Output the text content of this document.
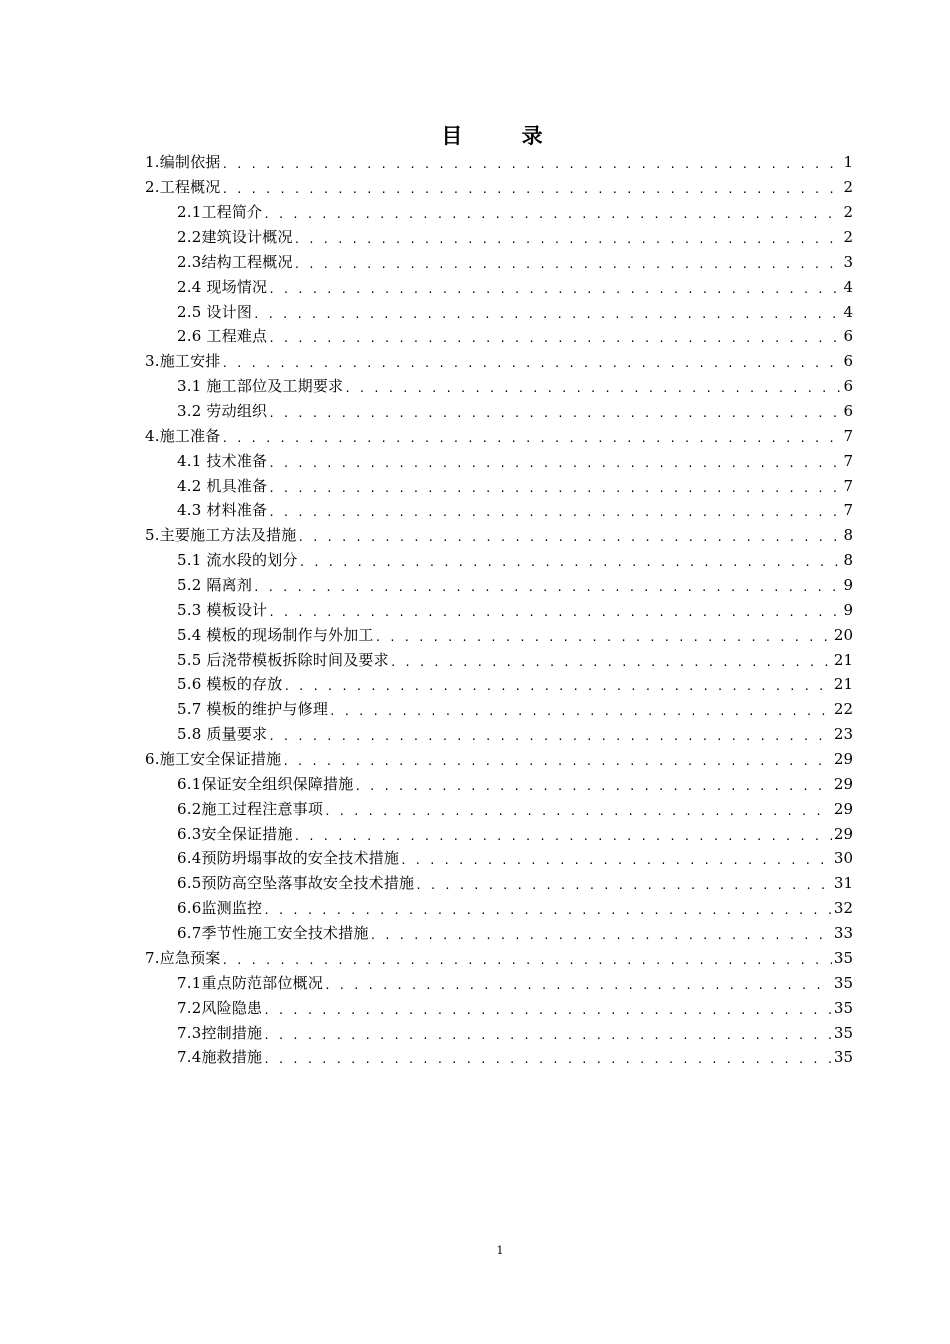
目 录
1.编制依据 . . .	1
2.工程概况 . . .	2
2.1工程简介 . . .	2
2.2建筑设计概况 . . .	2
2.3结构工程概况 . . .	3
2.4 现场情况 . . .	4
2.5 设计图 . . .	4
2.6 工程难点 . . .	6
3.施工安排 . . .	6
3.1 施工部位及工期要求 . . .	6
3.2 劳动组织 . . .	6
4.施工准备 . . .	7
4.1 技术准备 . . .	7
4.2 机具准备 . . .	7
4.3 材料准备 . . .	7
5.主要施工方法及措施 . . .	8
5.1 流水段的划分 . . .	8
5.2 隔离剂 . . .	9
5.3 模板设计 . . .	9
5.4 模板的现场制作与外加工 . . .	20
5.5 后浇带模板拆除时间及要求 . . .	21
5.6 模板的存放 . . .	21
5.7 模板的维护与修理 . . .	22
5.8 质量要求 . . .	23
6.施工安全保证措施 . . .	29
6.1保证安全组织保障措施 . . .	29
6.2施工过程注意事项 . . .	29
6.3安全保证措施 . . .	29
6.4预防坍塌事故的安全技术措施 . . .	30
6.5预防高空坠落事故安全技术措施 . . .	31
6.6监测监控 . . .	32
6.7季节性施工安全技术措施 . . .	33
7.应急预案 . . .	35
7.1重点防范部位概况 . . .	35
7.2风险隐患 . . .	35
7.3控制措施 . . .	35
7.4施救措施 . . .	35
1
